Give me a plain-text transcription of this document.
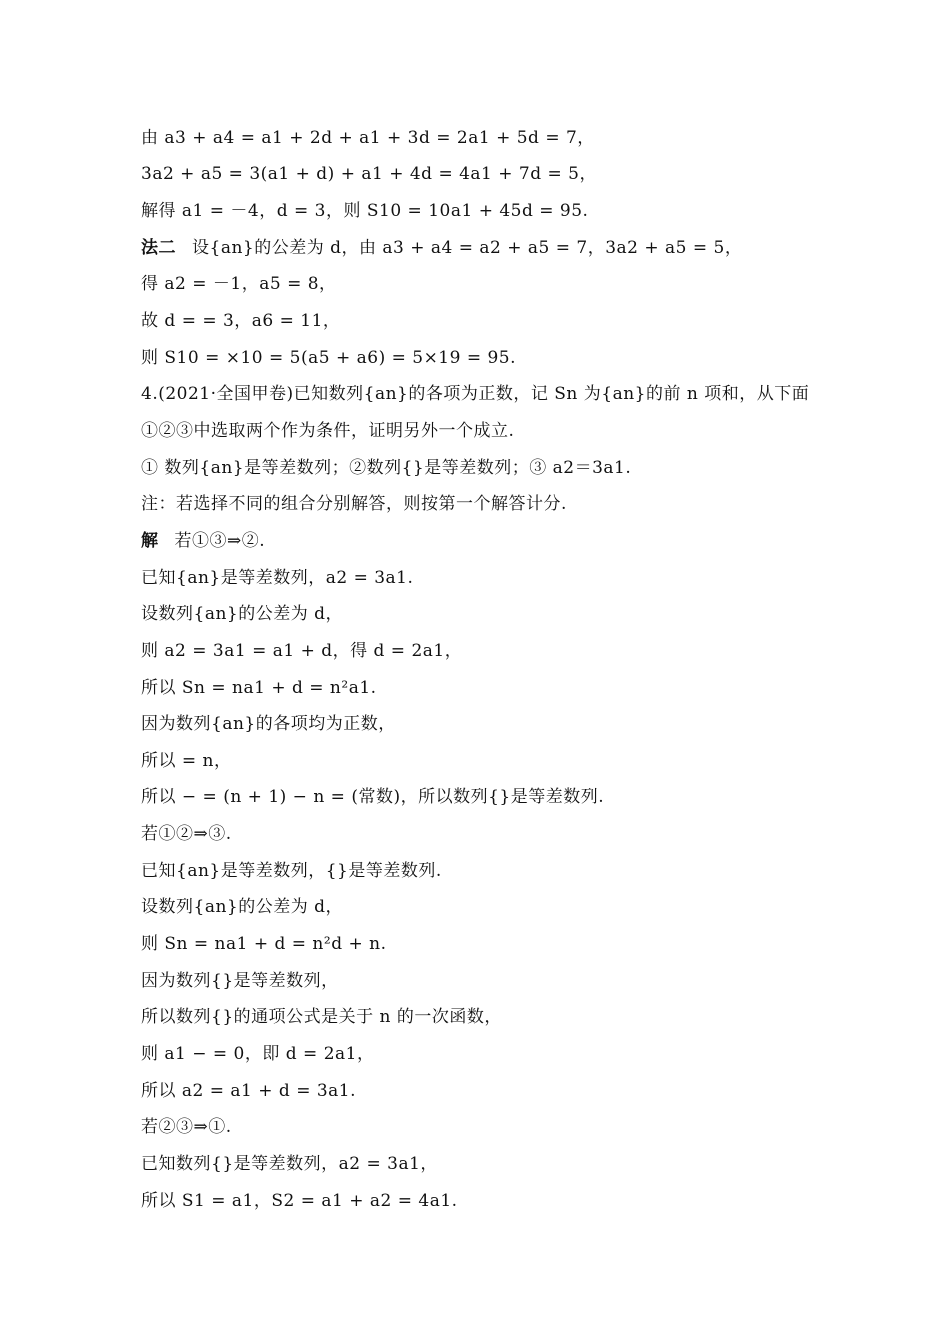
由 a3 + a4 = a1 + 2d + a1 + 3d = 2a1 + 5d = 7，
3a2 + a5 = 3(a1 + d) + a1 + 4d = 4a1 + 7d = 5，
解得 a1 = －4，d = 3，则 S10 = 10a1 + 45d = 95.
法二 设{an}的公差为 d，由 a3 + a4 = a2 + a5 = 7，3a2 + a5 = 5，
得 a2 = －1，a5 = 8，
故 d = = 3，a6 = 11，
则 S10 = ×10 = 5(a5 + a6) = 5×19 = 95.
4.(2021·全国甲卷)已知数列{an}的各项为正数，记 Sn 为{an}的前 n 项和，从下面
①②③中选取两个作为条件，证明另外一个成立.
① 数列{an}是等差数列；②数列{}是等差数列；③ a2＝3a1.
注：若选择不同的组合分别解答，则按第一个解答计分.
解 若①③⇒②.
已知{an}是等差数列，a2 = 3a1.
设数列{an}的公差为 d，
则 a2 = 3a1 = a1 + d，得 d = 2a1，
所以 Sn = na1 + d = n²a1.
因为数列{an}的各项均为正数，
所以 = n，
所以 − = (n + 1) − n = (常数)，所以数列{}是等差数列.
若①②⇒③.
已知{an}是等差数列，{}是等差数列.
设数列{an}的公差为 d，
则 Sn = na1 + d = n²d + n.
因为数列{}是等差数列，
所以数列{}的通项公式是关于 n 的一次函数，
则 a1 − = 0，即 d = 2a1，
所以 a2 = a1 + d = 3a1.
若②③⇒①.
已知数列{}是等差数列，a2 = 3a1，
所以 S1 = a1，S2 = a1 + a2 = 4a1.
